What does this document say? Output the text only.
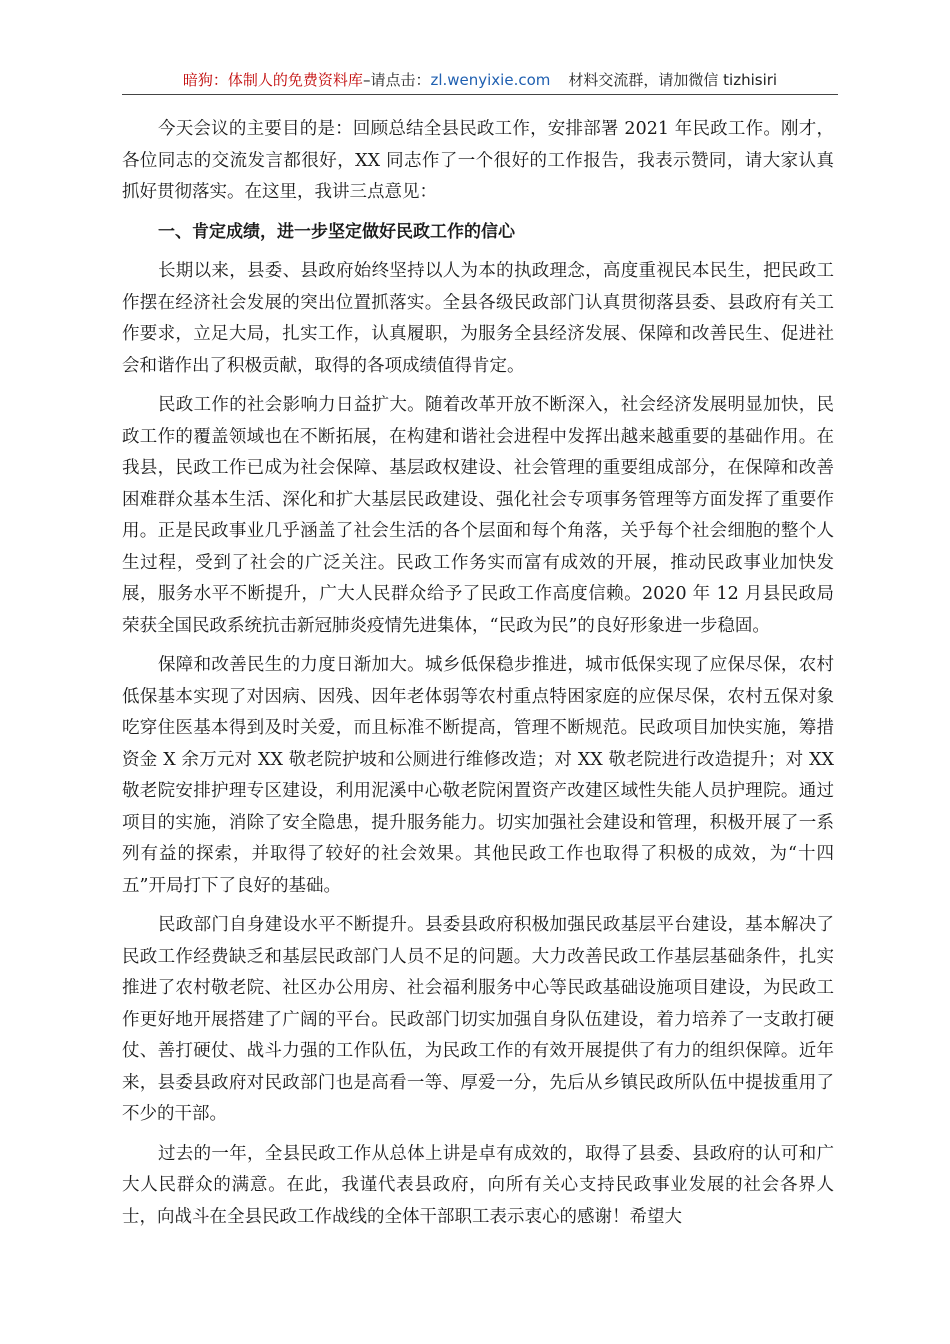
暗狗：体制人的免费资料库–请点击：zl.wenyixie.com 材料交流群，请加微信 tizhisiri

今天会议的主要目的是：回顾总结全县民政工作，安排部署 2021 年民政工作。刚才，各位同志的交流发言都很好，XX 同志作了一个很好的工作报告，我表示赞同，请大家认真抓好贯彻落实。在这里，我讲三点意见：

一、肯定成绩，进一步坚定做好民政工作的信心

长期以来，县委、县政府始终坚持以人为本的执政理念，高度重视民本民生，把民政工作摆在经济社会发展的突出位置抓落实。全县各级民政部门认真贯彻落县委、县政府有关工作要求，立足大局，扎实工作，认真履职，为服务全县经济发展、保障和改善民生、促进社会和谐作出了积极贡献，取得的各项成绩值得肯定。

民政工作的社会影响力日益扩大。随着改革开放不断深入，社会经济发展明显加快，民政工作的覆盖领域也在不断拓展，在构建和谐社会进程中发挥出越来越重要的基础作用。在我县，民政工作已成为社会保障、基层政权建设、社会管理的重要组成部分，在保障和改善困难群众基本生活、深化和扩大基层民政建设、强化社会专项事务管理等方面发挥了重要作用。正是民政事业几乎涵盖了社会生活的各个层面和每个角落，关乎每个社会细胞的整个人生过程，受到了社会的广泛关注。民政工作务实而富有成效的开展，推动民政事业加快发展，服务水平不断提升，广大人民群众给予了民政工作高度信赖。2020 年 12 月县民政局荣获全国民政系统抗击新冠肺炎疫情先进集体，“民政为民”的良好形象进一步稳固。

保障和改善民生的力度日渐加大。城乡低保稳步推进，城市低保实现了应保尽保，农村低保基本实现了对因病、因残、因年老体弱等农村重点特困家庭的应保尽保，农村五保对象吃穿住医基本得到及时关爱，而且标准不断提高，管理不断规范。民政项目加快实施，筹措资金 X 余万元对 XX 敬老院护坡和公厕进行维修改造；对 XX 敬老院进行改造提升；对 XX 敬老院安排护理专区建设，利用泥溪中心敬老院闲置资产改建区域性失能人员护理院。通过项目的实施，消除了安全隐患，提升服务能力。切实加强社会建设和管理，积极开展了一系列有益的探索，并取得了较好的社会效果。其他民政工作也取得了积极的成效，为“十四五”开局打下了良好的基础。

民政部门自身建设水平不断提升。县委县政府积极加强民政基层平台建设，基本解决了民政工作经费缺乏和基层民政部门人员不足的问题。大力改善民政工作基层基础条件，扎实推进了农村敬老院、社区办公用房、社会福利服务中心等民政基础设施项目建设，为民政工作更好地开展搭建了广阔的平台。民政部门切实加强自身队伍建设，着力培养了一支敢打硬仗、善打硬仗、战斗力强的工作队伍，为民政工作的有效开展提供了有力的组织保障。近年来，县委县政府对民政部门也是高看一等、厚爱一分，先后从乡镇民政所队伍中提拔重用了不少的干部。

过去的一年，全县民政工作从总体上讲是卓有成效的，取得了县委、县政府的认可和广大人民群众的满意。在此，我谨代表县政府，向所有关心支持民政事业发展的社会各界人士，向战斗在全县民政工作战线的全体干部职工表示衷心的感谢！希望大
